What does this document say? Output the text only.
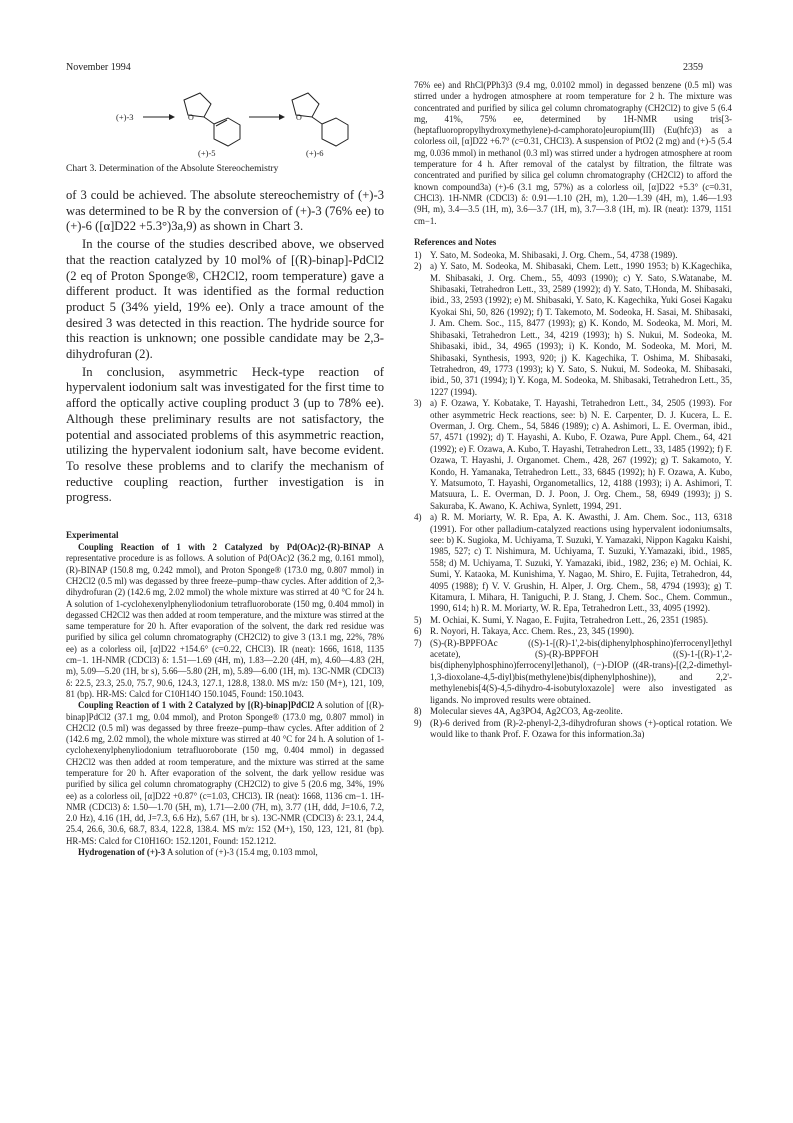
November 1994	2359
(+)-3	O	O
(+)-5	(+)-6
Chart 3. Determination of the Absolute Stereochemistry

of 3 could be achieved. The absolute stereochemistry of (+)-3 was determined to be R by the conversion of (+)-3 (76% ee) to (+)-6 ([α]D22 +5.3°)3a,9) as shown in Chart 3.

In the course of the studies described above, we observed that the reaction catalyzed by 10 mol% of [(R)-binap]-PdCl2 (2 eq of Proton Sponge®, CH2Cl2, room temperature) gave a different product. It was identified as the formal reduction product 5 (34% yield, 19% ee). Only a trace amount of the desired 3 was detected in this reaction. The hydride source for this reaction is unknown; one possible candidate may be 2,3-dihydrofuran (2).

In conclusion, asymmetric Heck-type reaction of hypervalent iodonium salt was investigated for the first time to afford the optically active coupling product 3 (up to 78% ee). Although these preliminary results are not satisfactory, the potential and associated problems of this asymmetric reaction, utilizing the hypervalent iodonium salt, have become evident. To resolve these problems and to clarify the mechanism of reductive coupling reaction, further investigation is in progress.

Experimental

Coupling Reaction of 1 with 2 Catalyzed by Pd(OAc)2-(R)-BINAP A representative procedure is as follows. A solution of Pd(OAc)2 (36.2 mg, 0.161 mmol), (R)-BINAP (150.8 mg, 0.242 mmol), and Proton Sponge® (173.0 mg, 0.807 mmol) in CH2Cl2 (0.5 ml) was degassed by three freeze–pump–thaw cycles. After addition of 2,3-dihydrofuran (2) (142.6 mg, 2.02 mmol) the whole mixture was stirred at 40 °C for 24 h. A solution of 1-cyclohexenylphenyliodonium tetrafluoroborate (150 mg, 0.404 mmol) in degassed CH2Cl2 was then added at room temperature, and the mixture was stirred at the same temperature for 20 h. After evaporation of the solvent, the dark red residue was purified by silica gel column chromatography (CH2Cl2) to give 3 (13.1 mg, 22%, 78% ee) as a colorless oil, [α]D22 +154.6° (c=0.22, CHCl3). IR (neat): 1666, 1618, 1135 cm−1. 1H-NMR (CDCl3) δ: 1.51—1.69 (4H, m), 1.83—2.20 (4H, m), 4.60—4.83 (2H, m), 5.09—5.20 (1H, br s), 5.66—5.80 (2H, m), 5.89—6.00 (1H, m). 13C-NMR (CDCl3) δ: 22.5, 23.3, 25.0, 75.7, 90.6, 124.3, 127.1, 128.8, 138.0. MS m/z: 150 (M+), 121, 109, 81 (bp). HR-MS: Calcd for C10H14O 150.1045, Found: 150.1043.

Coupling Reaction of 1 with 2 Catalyzed by [(R)-binap]PdCl2 A solution of [(R)-binap]PdCl2 (37.1 mg, 0.04 mmol), and Proton Sponge® (173.0 mg, 0.807 mmol) in CH2Cl2 (0.5 ml) was degassed by three freeze–pump–thaw cycles. After addition of 2 (142.6 mg, 2.02 mmol), the whole mixture was stirred at 40 °C for 24 h. A solution of 1-cyclohexenylphenyliodonium tetrafluoroborate (150 mg, 0.404 mmol) in degassed CH2Cl2 was then added at room temperature, and the mixture was stirred at the same temperature for 20 h. After evaporation of the solvent, the dark yellow residue was purified by silica gel column chromatography (CH2Cl2) to give 5 (20.6 mg, 34%, 19% ee) as a colorless oil, [α]D22 +0.87° (c=1.03, CHCl3). IR (neat): 1668, 1136 cm−1. 1H-NMR (CDCl3) δ: 1.50—1.70 (5H, m), 1.71—2.00 (7H, m), 3.77 (1H, ddd, J=10.6, 7.2, 2.0 Hz), 4.16 (1H, dd, J=7.3, 6.6 Hz), 5.67 (1H, br s). 13C-NMR (CDCl3) δ: 23.1, 24.4, 25.4, 26.6, 30.6, 68.7, 83.4, 122.8, 138.4. MS m/z: 152 (M+), 150, 123, 121, 81 (bp). HR-MS: Calcd for C10H16O: 152.1201, Found: 152.1212.

Hydrogenation of (+)-3 A solution of (+)-3 (15.4 mg, 0.103 mmol,

76% ee) and RhCl(PPh3)3 (9.4 mg, 0.0102 mmol) in degassed benzene (0.5 ml) was stirred under a hydrogen atmosphere at room temperature for 2 h. The mixture was concentrated and purified by silica gel column chromatography (CH2Cl2) to give 5 (6.4 mg, 41%, 75% ee, determined by 1H-NMR using tris[3-(heptafluoropropylhydroxymethylene)-d-camphorato]europium(III) (Eu(hfc)3) as a colorless oil, [α]D22 +6.7° (c=0.31, CHCl3). A suspension of PtO2 (2 mg) and (+)-5 (5.4 mg, 0.036 mmol) in methanol (0.3 ml) was stirred under a hydrogen atmosphere at room temperature for 4 h. After removal of the catalyst by filtration, the filtrate was concentrated and purified by silica gel column chromatography (CH2Cl2) to afford the known compound3a) (+)-6 (3.1 mg, 57%) as a colorless oil, [α]D22 +5.3° (c=0.31, CHCl3). 1H-NMR (CDCl3) δ: 0.91—1.10 (2H, m), 1.20—1.39 (4H, m), 1.46—1.93 (9H, m), 3.4—3.5 (1H, m), 3.6—3.7 (1H, m), 3.7—3.8 (1H, m). IR (neat): 1379, 1151 cm−1.

References and Notes
1) Y. Sato, M. Sodeoka, M. Shibasaki, J. Org. Chem., 54, 4738 (1989).
2) a) Y. Sato, M. Sodeoka, M. Shibasaki, Chem. Lett., 1990 1953; b) K.Kagechika, M. Shibasaki, J. Org. Chem., 55, 4093 (1990); c) Y. Sato, S.Watanabe, M. Shibasaki, Tetrahedron Lett., 33, 2589 (1992); d) Y. Sato, T.Honda, M. Shibasaki, ibid., 33, 2593 (1992); e) M. Shibasaki, Y. Sato, K. Kagechika, Yuki Gosei Kagaku Kyokai Shi, 50, 826 (1992); f) T. Takemoto, M. Sodeoka, H. Sasai, M. Shibasaki, J. Am. Chem. Soc., 115, 8477 (1993); g) K. Kondo, M. Sodeoka, M. Mori, M. Shibasaki, Tetrahedron Lett., 34, 4219 (1993); h) S. Nukui, M. Sodeoka, M. Shibasaki, ibid., 34, 4965 (1993); i) K. Kondo, M. Sodeoka, M. Mori, M. Shibasaki, Synthesis, 1993, 920; j) K. Kagechika, T. Oshima, M. Shibasaki, Tetrahedron, 49, 1773 (1993); k) Y. Sato, S. Nukui, M. Sodeoka, M. Shibasaki, ibid., 50, 371 (1994); l) Y. Koga, M. Sodeoka, M. Shibasaki, Tetrahedron Lett., 35, 1227 (1994).
3) a) F. Ozawa, Y. Kobatake, T. Hayashi, Tetrahedron Lett., 34, 2505 (1993). For other asymmetric Heck reactions, see: b) N. E. Carpenter, D. J. Kucera, L. E. Overman, J. Org. Chem., 54, 5846 (1989); c) A. Ashimori, L. E. Overman, ibid., 57, 4571 (1992); d) T. Hayashi, A. Kubo, F. Ozawa, Pure Appl. Chem., 64, 421 (1992); e) F. Ozawa, A. Kubo, T. Hayashi, Tetrahedron Lett., 33, 1485 (1992); f) F. Ozawa, T. Hayashi, J. Organomet. Chem., 428, 267 (1992); g) T. Sakamoto, Y. Kondo, H. Yamanaka, Tetrahedron Lett., 33, 6845 (1992); h) F. Ozawa, A. Kubo, Y. Matsumoto, T. Hayashi, Organometallics, 12, 4188 (1993); i) A. Ashimori, T. Matsuura, L. E. Overman, D. J. Poon, J. Org. Chem., 58, 6949 (1993); j) S. Sakuraba, K. Awano, K. Achiwa, Synlett, 1994, 291.
4) a) R. M. Moriarty, W. R. Epa, A. K. Awasthi, J. Am. Chem. Soc., 113, 6318 (1991). For other palladium-catalyzed reactions using hypervalent iodoniumsalts, see: b) K. Sugioka, M. Uchiyama, T. Suzuki, Y. Yamazaki, Nippon Kagaku Kaishi, 1985, 527; c) T. Nishimura, M. Uchiyama, T. Suzuki, Y.Yamazaki, ibid., 1985, 558; d) M. Uchiyama, T. Suzuki, Y. Yamazaki, ibid., 1982, 236; e) M. Ochiai, K. Sumi, Y. Kataoka, M. Kunishima, Y. Nagao, M. Shiro, E. Fujita, Tetrahedron, 44, 4095 (1988); f) V. V. Grushin, H. Alper, J. Org. Chem., 58, 4794 (1993); g) T. Kitamura, I. Mihara, H. Taniguchi, P. J. Stang, J. Chem. Soc., Chem. Commun., 1990, 614; h) R. M. Moriarty, W. R. Epa, Tetrahedron Lett., 33, 4095 (1992).
5) M. Ochiai, K. Sumi, Y. Nagao, E. Fujita, Tetrahedron Lett., 26, 2351 (1985).
6) R. Noyori, H. Takaya, Acc. Chem. Res., 23, 345 (1990).
7) (S)-(R)-BPPFOAc ((S)-1-[(R)-1',2-bis(diphenylphosphino)ferrocenyl]ethyl acetate), (S)-(R)-BPPFOH ((S)-1-[(R)-1',2-bis(diphenylphosphino)ferrocenyl]ethanol), (−)-DIOP ((4R-trans)-[(2,2-dimethyl-1,3-dioxolane-4,5-diyl)bis(methylene)bis(diphenylphoshine)), and 2,2'-methylenebis[4(S)-4,5-dihydro-4-isobutyloxazole] were also investigated as ligands. No improved results were obtained.
8) Molecular sieves 4A, Ag3PO4, Ag2CO3, Ag-zeolite.
9) (R)-6 derived from (R)-2-phenyl-2,3-dihydrofuran shows (+)-optical rotation. We would like to thank Prof. F. Ozawa for this information.3a)
